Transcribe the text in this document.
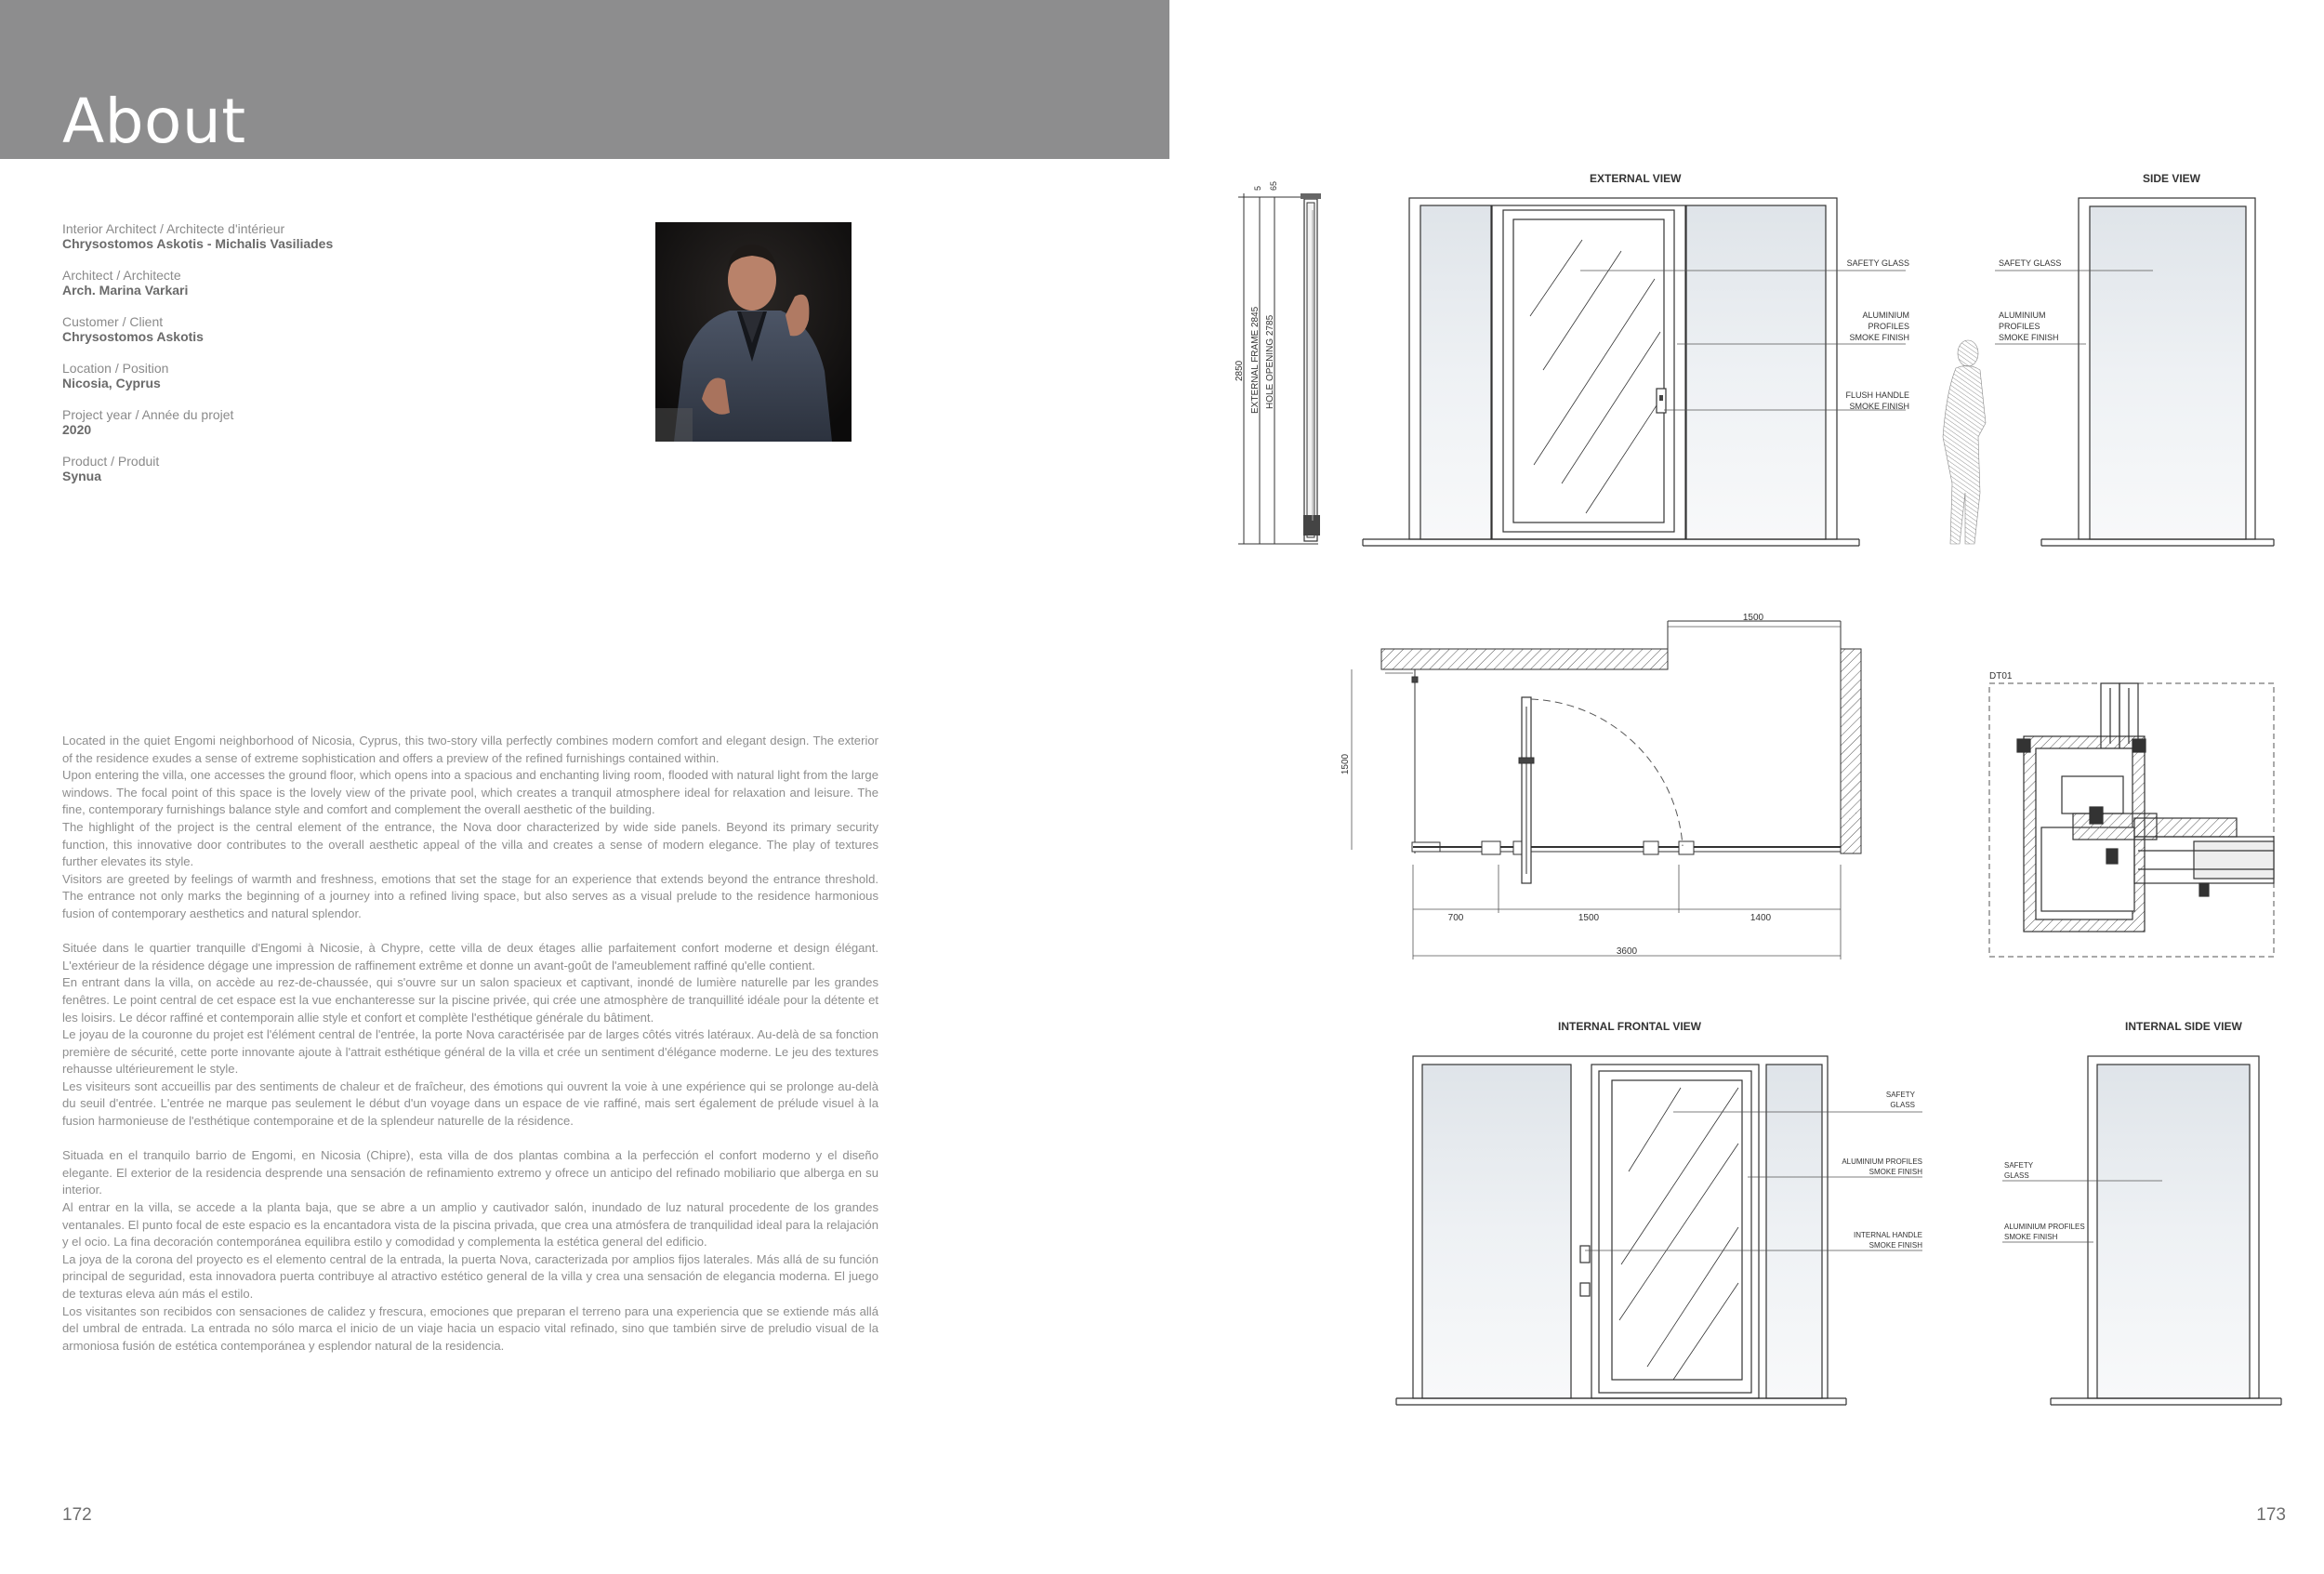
About
Interior Architect / Architecte d'intérieur
Chrysostomos Askotis - Michalis Vasiliades
Architect / Architecte
Arch. Marina Varkari
Customer / Client
Chrysostomos Askotis
Location / Position
Nicosia, Cyprus
Project year / Année du projet
2020
Product / Produit
Synua

Located in the quiet Engomi neighborhood of Nicosia, Cyprus, this two-story villa perfectly combines modern comfort and elegant design. The exterior of the residence exudes a sense of extreme sophistication and offers a preview of the refined furnishings contained within.

Upon entering the villa, one accesses the ground floor, which opens into a spacious and enchanting living room, flooded with natural light from the large windows. The focal point of this space is the lovely view of the private pool, which creates a tranquil atmosphere ideal for relaxation and leisure. The fine, contemporary furnishings balance style and comfort and complement the overall aesthetic of the building.

The highlight of the project is the central element of the entrance, the Nova door characterized by wide side panels. Beyond its primary security function, this innovative door contributes to the overall aesthetic appeal of the villa and creates a sense of modern elegance. The play of textures further elevates its style.

Visitors are greeted by feelings of warmth and freshness, emotions that set the stage for an experience that extends beyond the entrance threshold. The entrance not only marks the beginning of a journey into a refined living space, but also serves as a visual prelude to the residence harmonious fusion of contemporary aesthetics and natural splendor.

Située dans le quartier tranquille d'Engomi à Nicosie, à Chypre, cette villa de deux étages allie parfaitement confort moderne et design élégant. L'extérieur de la résidence dégage une impression de raffinement extrême et donne un avant-goût de l'ameublement raffiné qu'elle contient.

En entrant dans la villa, on accède au rez-de-chaussée, qui s'ouvre sur un salon spacieux et captivant, inondé de lumière naturelle par les grandes fenêtres. Le point central de cet espace est la vue enchanteresse sur la piscine privée, qui crée une atmosphère de tranquillité idéale pour la détente et les loisirs. Le décor raffiné et contemporain allie style et confort et complète l'esthétique générale du bâtiment.

Le joyau de la couronne du projet est l'élément central de l'entrée, la porte Nova caractérisée par de larges côtés vitrés latéraux. Au-delà de sa fonction première de sécurité, cette porte innovante ajoute à l'attrait esthétique général de la villa et crée un sentiment d'élégance moderne. Le jeu des textures rehausse ultérieurement le style.

Les visiteurs sont accueillis par des sentiments de chaleur et de fraîcheur, des émotions qui ouvrent la voie à une expérience qui se prolonge au-delà du seuil d'entrée. L'entrée ne marque pas seulement le début d'un voyage dans un espace de vie raffiné, mais sert également de prélude visuel à la fusion harmonieuse de l'esthétique contemporaine et de la splendeur naturelle de la résidence.

Situada en el tranquilo barrio de Engomi, en Nicosia (Chipre), esta villa de dos plantas combina a la perfección el confort moderno y el diseño elegante. El exterior de la residencia desprende una sensación de refinamiento extremo y ofrece un anticipo del refinado mobiliario que alberga en su interior.

Al entrar en la villa, se accede a la planta baja, que se abre a un amplio y cautivador salón, inundado de luz natural procedente de los grandes ventanales. El punto focal de este espacio es la encantadora vista de la piscina privada, que crea una atmósfera de tranquilidad ideal para la relajación y el ocio. La fina decoración contemporánea equilibra estilo y comodidad y complementa la estética general del edificio.

La joya de la corona del proyecto es el elemento central de la entrada, la puerta Nova, caracterizada por amplios fijos laterales. Más allá de su función principal de seguridad, esta innovadora puerta contribuye al atractivo estético general de la villa y crea una sensación de elegancia moderna. El juego de texturas eleva aún más el estilo.

Los visitantes son recibidos con sensaciones de calidez y frescura, emociones que preparan el terreno para una experiencia que se extiende más allá del umbral de entrada. La entrada no sólo marca el inicio de un viaje hacia un espacio vital refinado, sino que también sirve de preludio visual de la armoniosa fusión de estética contemporánea y esplendor natural de la residencia.

172	173
5 65
2850 EXTERNAL FRAME 2845 HOLE OPENING 2785
EXTERNAL VIEW
SAFETY GLASS
ALUMINIUM
PROFILES
SMOKE FINISH
FLUSH HANDLE
SMOKE FINISH
SIDE VIEW
SAFETY GLASS
ALUMINIUM
PROFILES
SMOKE FINISH
1500
1500
700	1500	1400
3600
DT01
INTERNAL FRONTAL VIEW
SAFETY
GLASS
ALUMINIUM PROFILES
SMOKE FINISH
INTERNAL HANDLE
SMOKE FINISH
INTERNAL SIDE VIEW
SAFETY
GLASS
ALUMINIUM PROFILES
SMOKE FINISH
